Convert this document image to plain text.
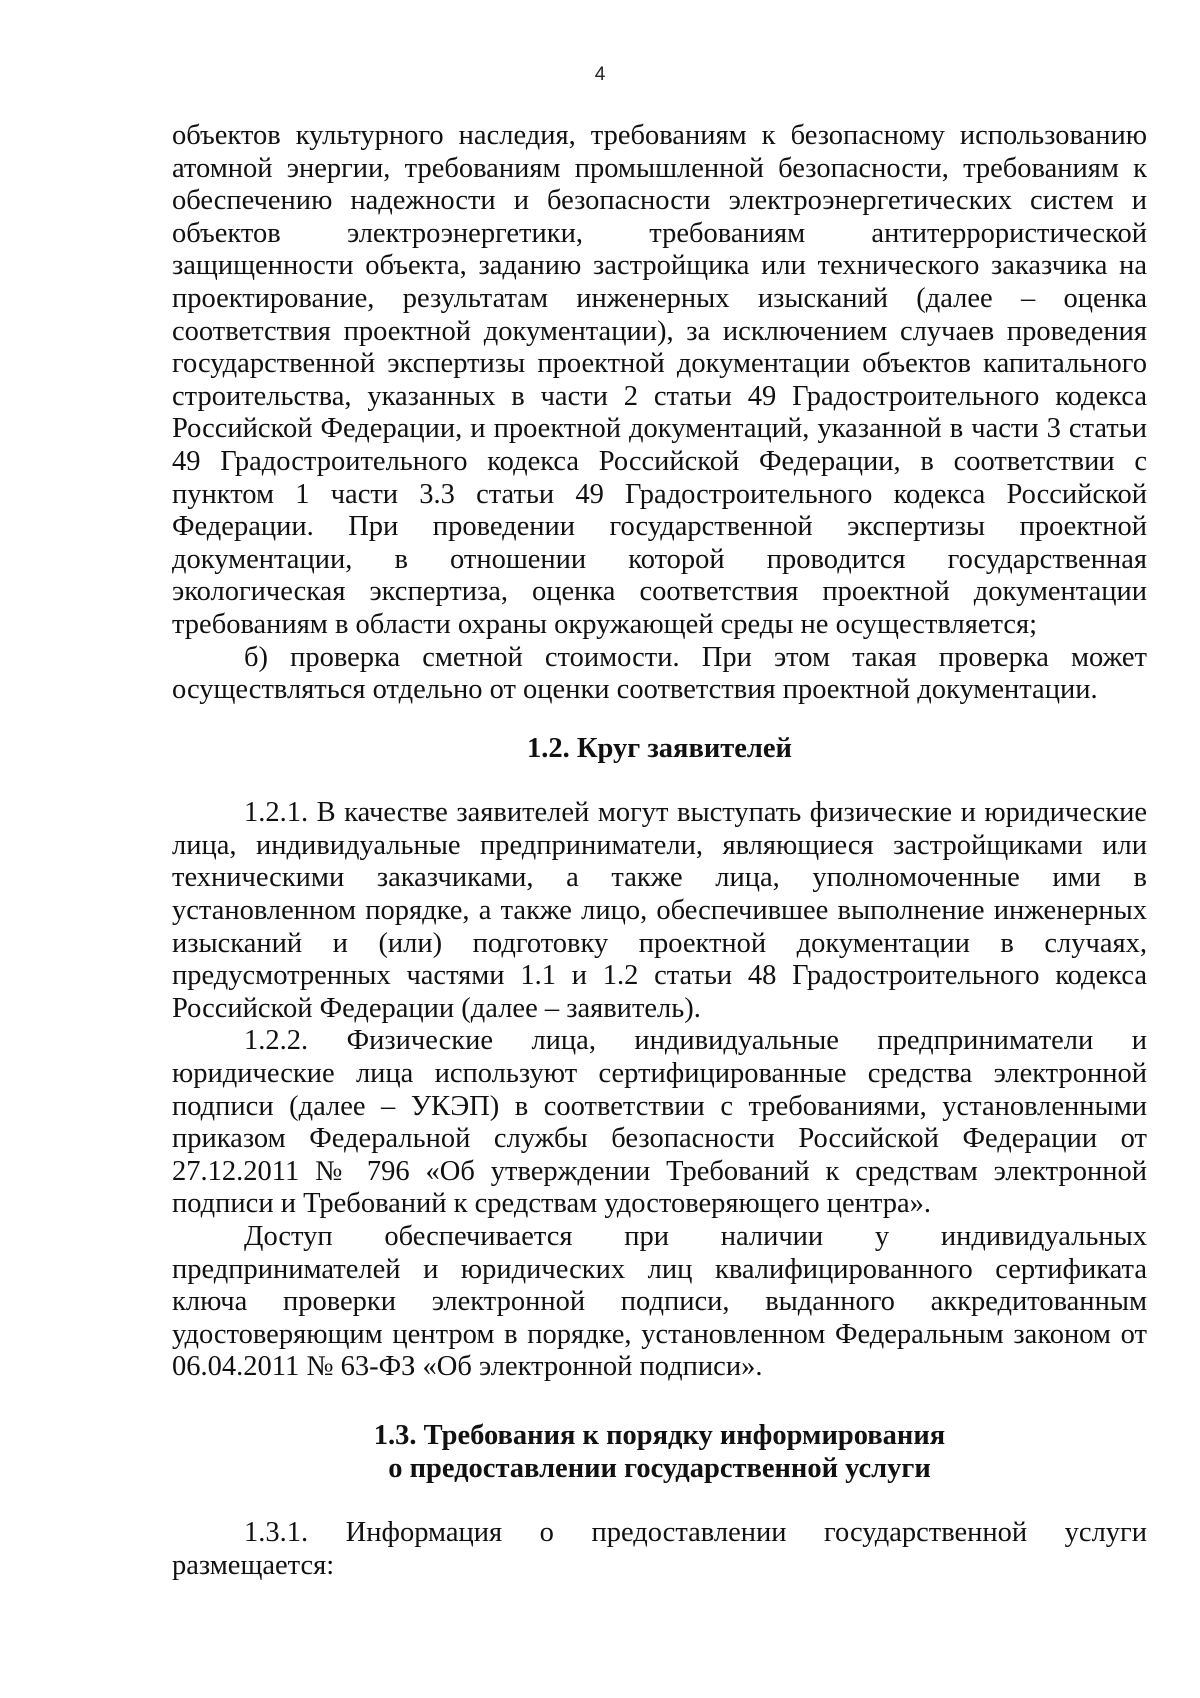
4

объектов культурного наследия, требованиям к безопасному использованию атомной энергии, требованиям промышленной безопасности, требованиям к обеспечению надежности и безопасности электроэнергетических систем и объектов электроэнергетики, требованиям антитеррористической защищенности объекта, заданию застройщика или технического заказчика на проектирование, результатам инженерных изысканий (далее – оценка соответствия проектной документации), за исключением случаев проведения государственной экспертизы проектной документации объектов капитального строительства, указанных в части 2 статьи 49 Градостроительного кодекса Российской Федерации, и проектной документаций, указанной в части 3 статьи 49 Градостроительного кодекса Российской Федерации, в соответствии с пунктом 1 части 3.3 статьи 49 Градостроительного кодекса Российской Федерации. При проведении государственной экспертизы проектной документации, в отношении которой проводится государственная экологическая экспертиза, оценка соответствия проектной документации требованиям в области охраны окружающей среды не осуществляется;

б) проверка сметной стоимости. При этом такая проверка может осуществляться отдельно от оценки соответствия проектной документации.

1.2. Круг заявителей

1.2.1. В качестве заявителей могут выступать физические и юридические лица, индивидуальные предприниматели, являющиеся застройщиками или техническими заказчиками, а также лица, уполномоченные ими в установленном порядке, а также лицо, обеспечившее выполнение инженерных изысканий и (или) подготовку проектной документации в случаях, предусмотренных частями 1.1 и 1.2 статьи 48 Градостроительного кодекса Российской Федерации (далее – заявитель).

1.2.2. Физические лица, индивидуальные предприниматели и юридические лица используют сертифицированные средства электронной подписи (далее – УКЭП) в соответствии с требованиями, установленными приказом Федеральной службы безопасности Российской Федерации от 27.12.2011 № 796 «Об утверждении Требований к средствам электронной подписи и Требований к средствам удостоверяющего центра».

Доступ обеспечивается при наличии у индивидуальных предпринимателей и юридических лиц квалифицированного сертификата ключа проверки электронной подписи, выданного аккредитованным удостоверяющим центром в порядке, установленном Федеральным законом от 06.04.2011 № 63-ФЗ «Об электронной подписи».

1.3. Требования к порядку информирования
о предоставлении государственной услуги

1.3.1. Информация о предоставлении государственной услуги размещается:
